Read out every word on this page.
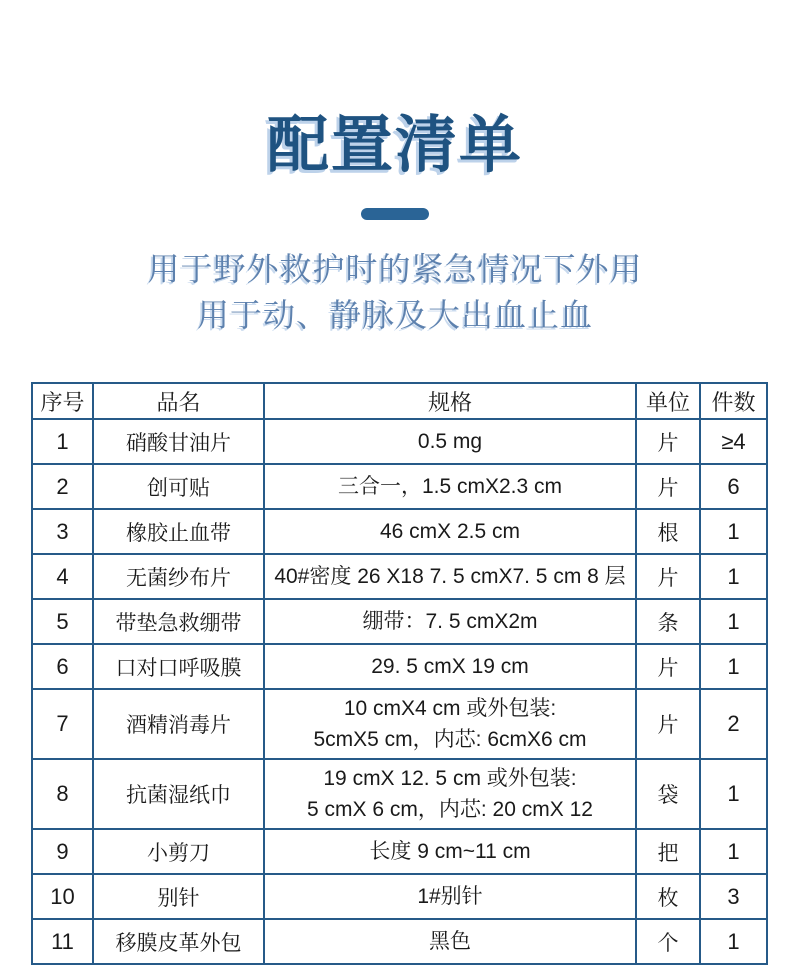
配置清单
用于野外救护时的紧急情况下外用
用于动、静脉及大出血止血
序号	品名	规格	单位	件数
1	硝酸甘油片	0.5 mg	片	≥4
2	创可贴	三合一，1.5 cmX2.3 cm	片	6
3	橡胶止血带	46 cmX 2.5 cm	根	1
4	无菌纱布片	40#密度 26 X18 7. 5 cmX7. 5 cm 8 层	片	1
5	带垫急救绷带	绷带：7. 5 cmX2m	条	1
6	口对口呼吸膜	29. 5 cmX 19 cm	片	1
7	酒精消毒片	10 cmX4 cm 或外包装:
5cmX5 cm，内芯: 6cmX6 cm	片	2
8	抗菌湿纸巾	19 cmX 12. 5 cm 或外包装:
5 cmX 6 cm，内芯: 20 cmX 12	袋	1
9	小剪刀	长度 9 cm~11 cm	把	1
10	别针	1#别针	枚	3
11	移膜皮革外包	黑色	个	1
